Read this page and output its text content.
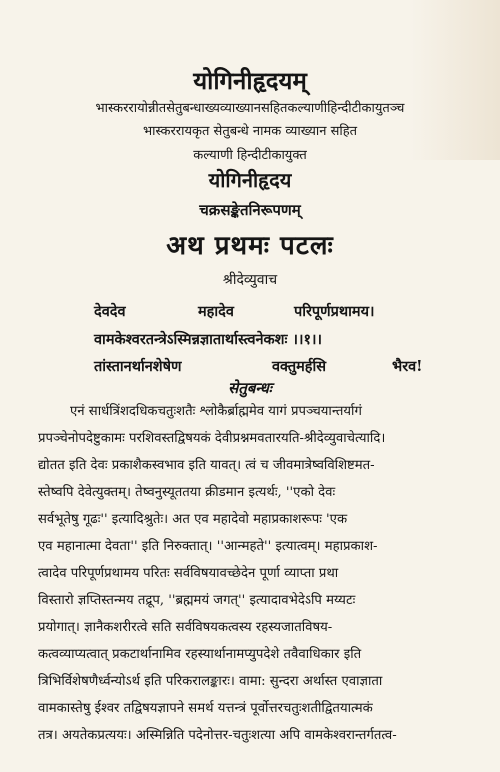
योगिनीहृदयम्
भास्कररायोन्नीतसेतुबन्धाख्यव्याख्यानसहितकल्याणीहिन्दीटीकायुतञ्च
भास्कररायकृत सेतुबन्धे नामक व्याख्यान सहित
कल्याणी हिन्दीटीकायुक्त
योगिनीहृदय
चक्रसङ्केतनिरूपणम्
अथ प्रथमः पटलः
श्रीदेव्युवाच
देवदेव	महादेव	परिपूर्णप्रथामय।
वामकेश्वरतन्त्रेऽस्मिन्नज्ञातार्थास्त्वनेकशः ।।१।।
तांस्तानर्थानशेषेण	वक्तुमर्हसि	भैरव!
सेतुबन्धः
एनं सार्धत्रिंशदधिकचतुःशतैः श्लोकैर्ब्राह्ममेव यागं प्रपञ्चयान्तर्यागं
प्रपञ्चेनोपदेष्टुकामः परशिवस्तद्विषयकं देवीप्रश्नमवतारयति-श्रीदेव्युवाचेत्यादि।
द्योतत इति देवः प्रकाशैकस्वभाव इति यावत्। त्वं च जीवमात्रेष्वविशिष्टमत-
स्तेष्वपि देवेत्युक्तम्। तेष्वनुस्यूततया क्रीडमान इत्यर्थः, ''एको देवः
सर्वभूतेषु गूढः'' इत्यादिश्रुतेः। अत एव महादेवो महाप्रकाशरूपः 'एक
एव महानात्मा देवता'' इति निरुक्तात्। ''आन्महते'' इत्यात्वम्। महाप्रकाश-
त्वादेव परिपूर्णप्रथामय परितः सर्वविषयावच्छेदेन पूर्णा व्याप्ता प्रथा
विस्तारो ज्ञप्तिस्तन्मय तद्रूप, ''ब्रह्ममयं जगत्'' इत्यादावभेदेऽपि मय्यटः
प्रयोगात्। ज्ञानैकशरीरत्वे सति सर्वविषयकत्वस्य रहस्यजातविषय-
कत्वव्याप्यत्वात् प्रकटार्थानामिव रहस्यार्थानामप्युपदेशे तवैवाधिकार इति
त्रिभिर्विशेषणैर्ध्वन्योऽर्थ इति परिकरालङ्कारः। वामा: सुन्दरा अर्थास्त एवाज्ञाता
वामकास्तेषु ईश्वर तद्विषयज्ञापने समर्थ यत्तन्त्रं पूर्वोत्तरचतुःशतीद्वितयात्मकं
तत्र। अयतेकप्रत्ययः। अस्मिन्निति पदेनोत्तर-चतुःशत्या अपि वामकेश्वरान्तर्गतत्व-
